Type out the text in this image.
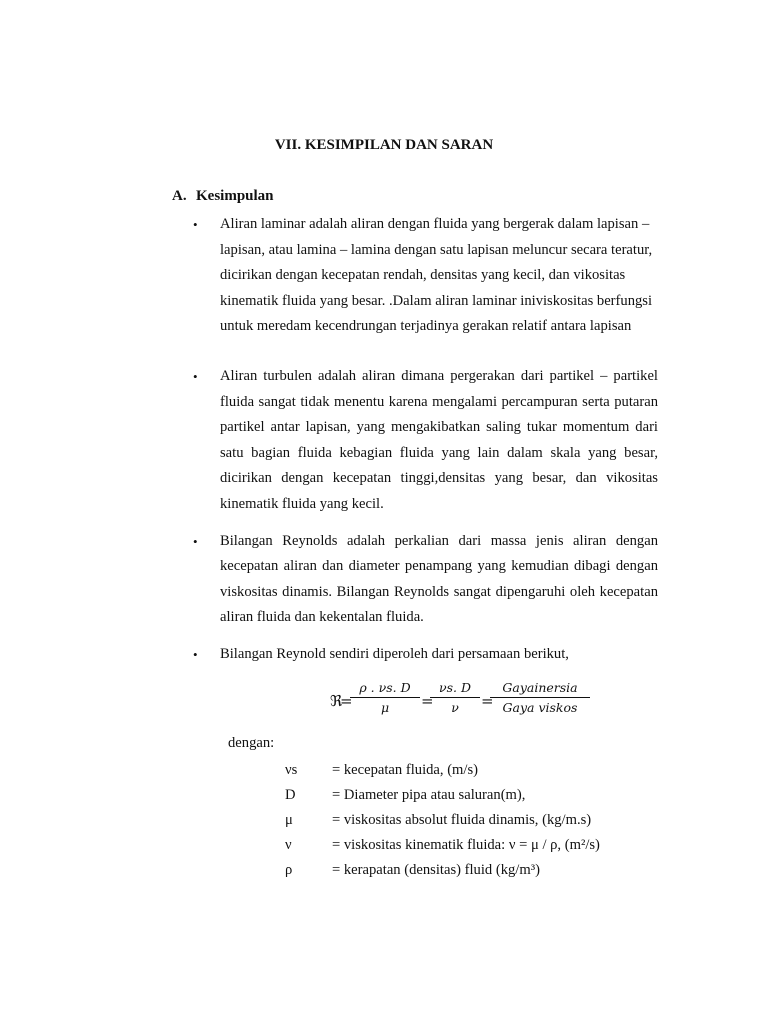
VII. KESIMPILAN DAN SARAN
A. Kesimpulan

• Aliran laminar adalah aliran dengan fluida yang bergerak dalam lapisan – lapisan, atau lamina – lamina dengan satu lapisan meluncur secara teratur, dicirikan dengan kecepatan rendah, densitas yang kecil, dan vikositas kinematik fluida yang besar. .Dalam aliran laminar iniviskositas berfungsi untuk meredam kecendrungan terjadinya gerakan relatif antara lapisan

• Aliran turbulen adalah aliran dimana pergerakan dari partikel – partikel fluida sangat tidak menentu karena mengalami percampuran serta putaran partikel antar lapisan, yang mengakibatkan saling tukar momentum dari satu bagian fluida kebagian fluida yang lain dalam skala yang besar, dicirikan dengan kecepatan tinggi,densitas yang besar, dan vikositas kinematik fluida yang kecil.

• Bilangan Reynolds adalah perkalian dari massa jenis aliran dengan kecepatan aliran dan diameter penampang yang kemudian dibagi dengan viskositas dinamis. Bilangan Reynolds sangat dipengaruhi oleh kecepatan aliran fluida dan kekentalan fluida.

• Bilangan Reynold sendiri diperoleh dari persamaan berikut,

ℜ
=
$\frac{\rho . \nu s. D}{\mu}$ =
$\frac{\nu s. D}{\nu}$ =
Gayainersia
Gaya viskos

dengan:

νs	= kecepatan fluida, (m/s)
D	= Diameter pipa atau saluran(m),
μ	= viskositas absolut fluida dinamis, (kg/m.s)
ν	= viskositas kinematik fluida: ν = μ / ρ, (m²/s)
ρ	= kerapatan (densitas) fluid (kg/m³)
